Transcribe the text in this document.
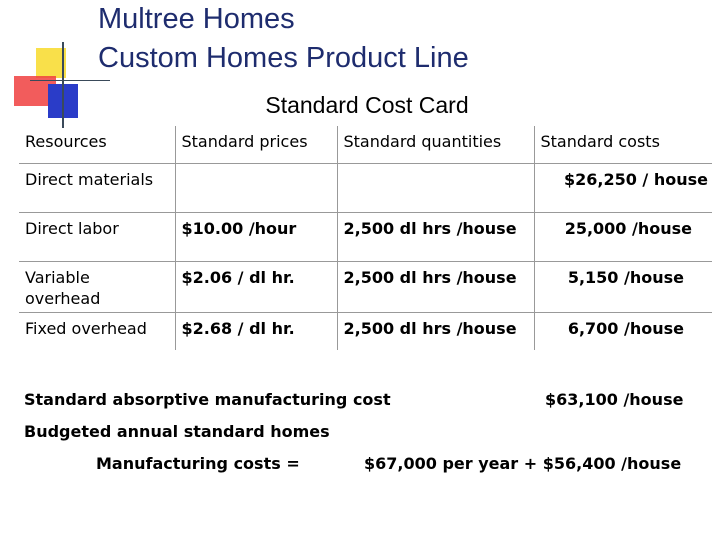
Multree Homes
Custom Homes Product Line
Standard Cost Card
Resources	Standard prices	Standard quantities	Standard costs
Direct materials			$26,250 / house
Direct labor	$10.00 /hour	2,500 dl hrs /house	25,000 /house
Variable overhead	$2.06 / dl hr.	2,500 dl hrs /house	5,150 /house
Fixed overhead	$2.68 / dl hr.	2,500 dl hrs /house	6,700 /house
Standard absorptive manufacturing cost	$63,100 /house
Budgeted annual standard homes
Manufacturing costs =	$67,000 per year + $56,400 /house
